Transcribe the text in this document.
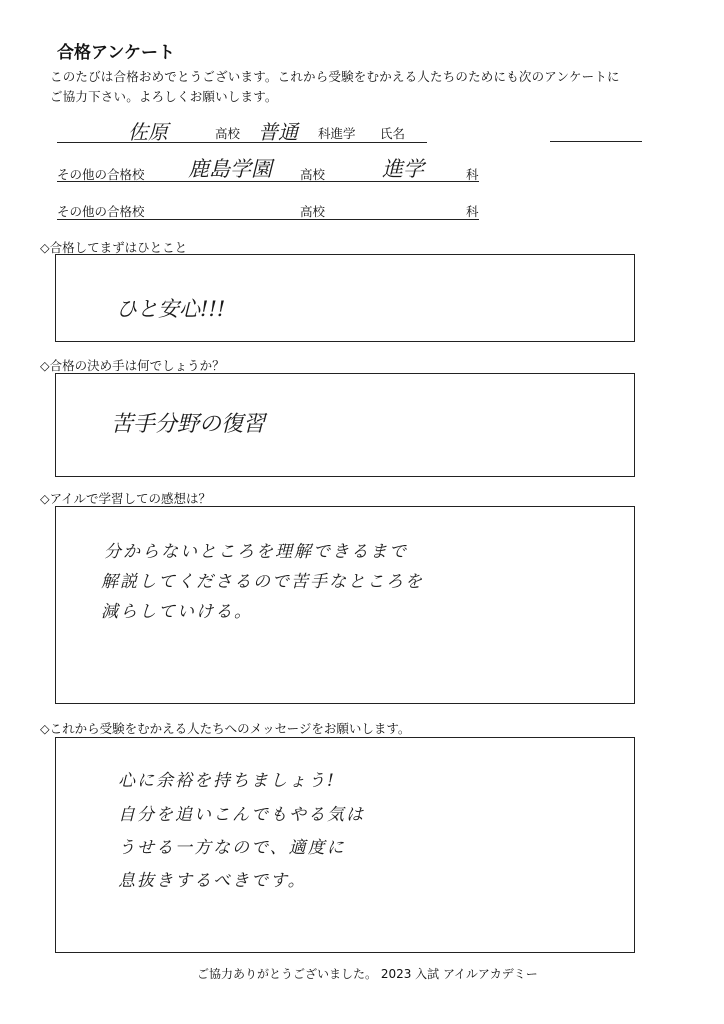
合格アンケート
このたびは合格おめでとうございます。これから受験をむかえる人たちのためにも次のアンケートに
ご協力下さい。よろしくお願いします。
佐原	高校 普通 科進学 氏名
その他の合格校 鹿島学園 高校	進学	科
その他の合格校	高校	科
◇合格してまずはひとこと
ひと安心!!!
◇合格の決め手は何でしょうか？
苦手分野の復習
◇アイルで学習しての感想は？
分からないところを理解できるまで
解説してくださるので苦手なところを
減らしていける。
◇これから受験をむかえる人たちへのメッセージをお願いします。
心に余裕を持ちましょう!
自分を追いこんでもやる気は
うせる一方なので、適度に
息抜きするべきです。
ご協力ありがとうございました。 2023 入試 アイルアカデミー
